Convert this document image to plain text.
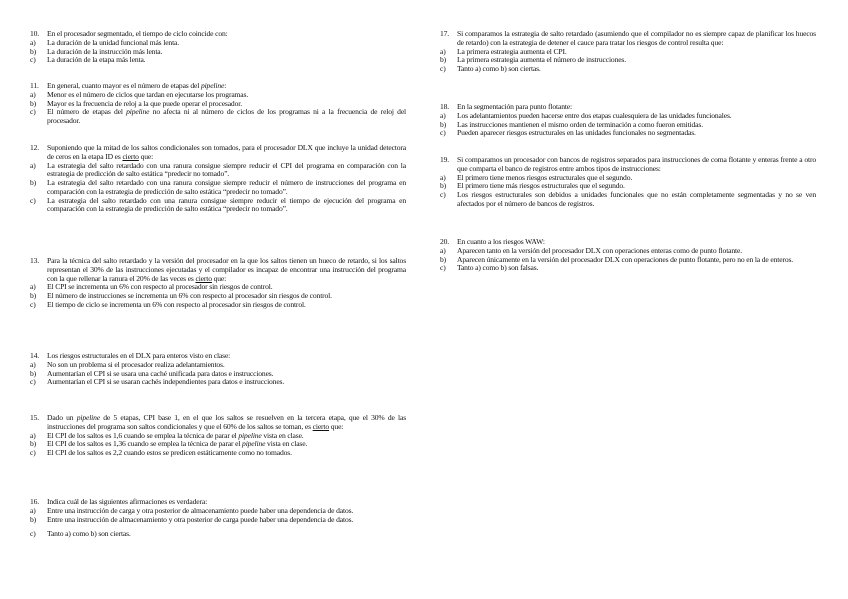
10.	En el procesador segmentado, el tiempo de ciclo coincide con:
a)	La duración de la unidad funcional más lenta.
b)	La duración de la instrucción más lenta.
c)	La duración de la etapa más lenta.
11.	En general, cuanto mayor es el número de etapas del pipeline:
a)	Menor es el número de ciclos que tardan en ejecutarse los programas.
b)	Mayor es la frecuencia de reloj a la que puede operar el procesador.
c)	El número de etapas del pipeline no afecta ni al número de ciclos de los programas ni a la frecuencia de reloj del procesador.
12.	Suponiendo que la mitad de los saltos condicionales son tomados, para el procesador DLX que incluye la unidad detectora de ceros en la etapa ID es cierto que:
a)	La estrategia del salto retardado con una ranura consigue siempre reducir el CPI del programa en comparación con la estrategia de predicción de salto estática “predecir no tomado”.
b)	La estrategia del salto retardado con una ranura consigue siempre reducir el número de instrucciones del programa en comparación con la estrategia de predicción de salto estática “predecir no tomado”.
c)	La estrategia del salto retardado con una ranura consigue siempre reducir el tiempo de ejecución del programa en comparación con la estrategia de predicción de salto estática “predecir no tomado”.
13.	Para la técnica del salto retardado y la versión del procesador en la que los saltos tienen un hueco de retardo, si los saltos representan el 30% de las instrucciones ejecutadas y el compilador es incapaz de encontrar una instrucción del programa con la que rellenar la ranura el 20% de las veces es cierto que:
a)	El CPI se incrementa un 6% con respecto al procesador sin riesgos de control.
b)	El número de instrucciones se incrementa un 6% con respecto al procesador sin riesgos de control.
c)	El tiempo de ciclo se incrementa un 6% con respecto al procesador sin riesgos de control.
14.	Los riesgos estructurales en el DLX para enteros visto en clase:
a)	No son un problema si el procesador realiza adelantamientos.
b)	Aumentarían el CPI si se usara una caché unificada para datos e instrucciones.
c)	Aumentarían el CPI si se usaran cachés independientes para datos e instrucciones.
15.	Dado un pipeline de 5 etapas, CPI base 1, en el que los saltos se resuelven en la tercera etapa, que el 30% de las instrucciones del programa son saltos condicionales y que el 60% de los saltos se toman, es cierto que:
a)	El CPI de los saltos es 1,6 cuando se emplea la técnica de parar el pipeline vista en clase.
b)	El CPI de los saltos es 1,36 cuando se emplea la técnica de parar el pipeline vista en clase.
c)	El CPI de los saltos es 2,2 cuando estos se predicen estáticamente como no tomados.
16.	Indica cuál de las siguientes afirmaciones es verdadera:
a)	Entre una instrucción de carga y otra posterior de almacenamiento puede haber una dependencia de datos.
b)	Entre una instrucción de almacenamiento y otra posterior de carga puede haber una dependencia de datos.
c)	Tanto a) como b) son ciertas.
17.	Si comparamos la estrategia de salto retardado (asumiendo que el compilador no es siempre capaz de planificar los huecos de retardo) con la estrategia de detener el cauce para tratar los riesgos de control resulta que:
a)	La primera estrategia aumenta el CPI.
b)	La primera estrategia aumenta el número de instrucciones.
c)	Tanto a) como b) son ciertas.
18.	En la segmentación para punto flotante:
a)	Los adelantamientos pueden hacerse entre dos etapas cualesquiera de las unidades funcionales.
b)	Las instrucciones mantienen el mismo orden de terminación a como fueron emitidas.
c)	Pueden aparecer riesgos estructurales en las unidades funcionales no segmentadas.
19.	Si comparamos un procesador con bancos de registros separados para instrucciones de coma flotante y enteras frente a otro que comparta el banco de registros entre ambos tipos de instrucciones:
a)	El primero tiene menos riesgos estructurales que el segundo.
b)	El primero tiene más riesgos estructurales que el segundo.
c)	Los riesgos estructurales son debidos a unidades funcionales que no están completamente segmentadas y no se ven afectados por el número de bancos de registros.
20.	En cuanto a los riesgos WAW:
a)	Aparecen tanto en la versión del procesador DLX con operaciones enteras como de punto flotante.
b)	Aparecen únicamente en la versión del procesador DLX con operaciones de punto flotante, pero no en la de enteros.
c)	Tanto a) como b) son falsas.
